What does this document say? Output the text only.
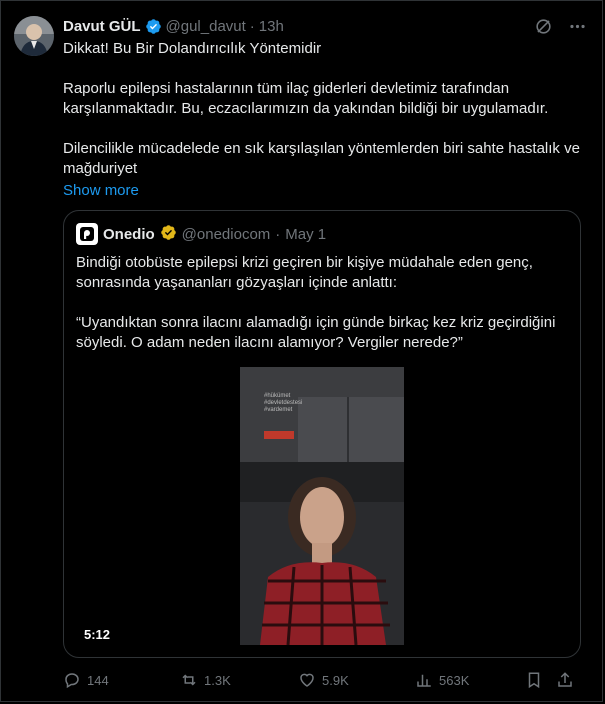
Davut GÜL @gul_davut · 13h

Dikkat! Bu Bir Dolandırıcılık Yöntemidir

Raporlu epilepsi hastalarının tüm ilaç giderleri devletimiz tarafından karşılanmaktadır. Bu, eczacılarımızın da yakından bildiği bir uygulamadır.

Dilencilikle mücadelede en sık karşılaşılan yöntemlerden biri sahte hastalık ve mağduriyet

Show more
Onedio @onediocom · May 1

Bindiği otobüste epilepsi krizi geçiren bir kişiye müdahale eden genç, sonrasında yaşananları gözyaşları içinde anlattı:

“Uyandıktan sonra ilacını alamadığı için günde birkaç kez kriz geçirdiğini söyledi. O adam neden ilacını alamıyor? Vergiler nerede?”

#hükümet
#devletdestesi
#vardemet
5:12
144	1.3K	5.9K	563K
